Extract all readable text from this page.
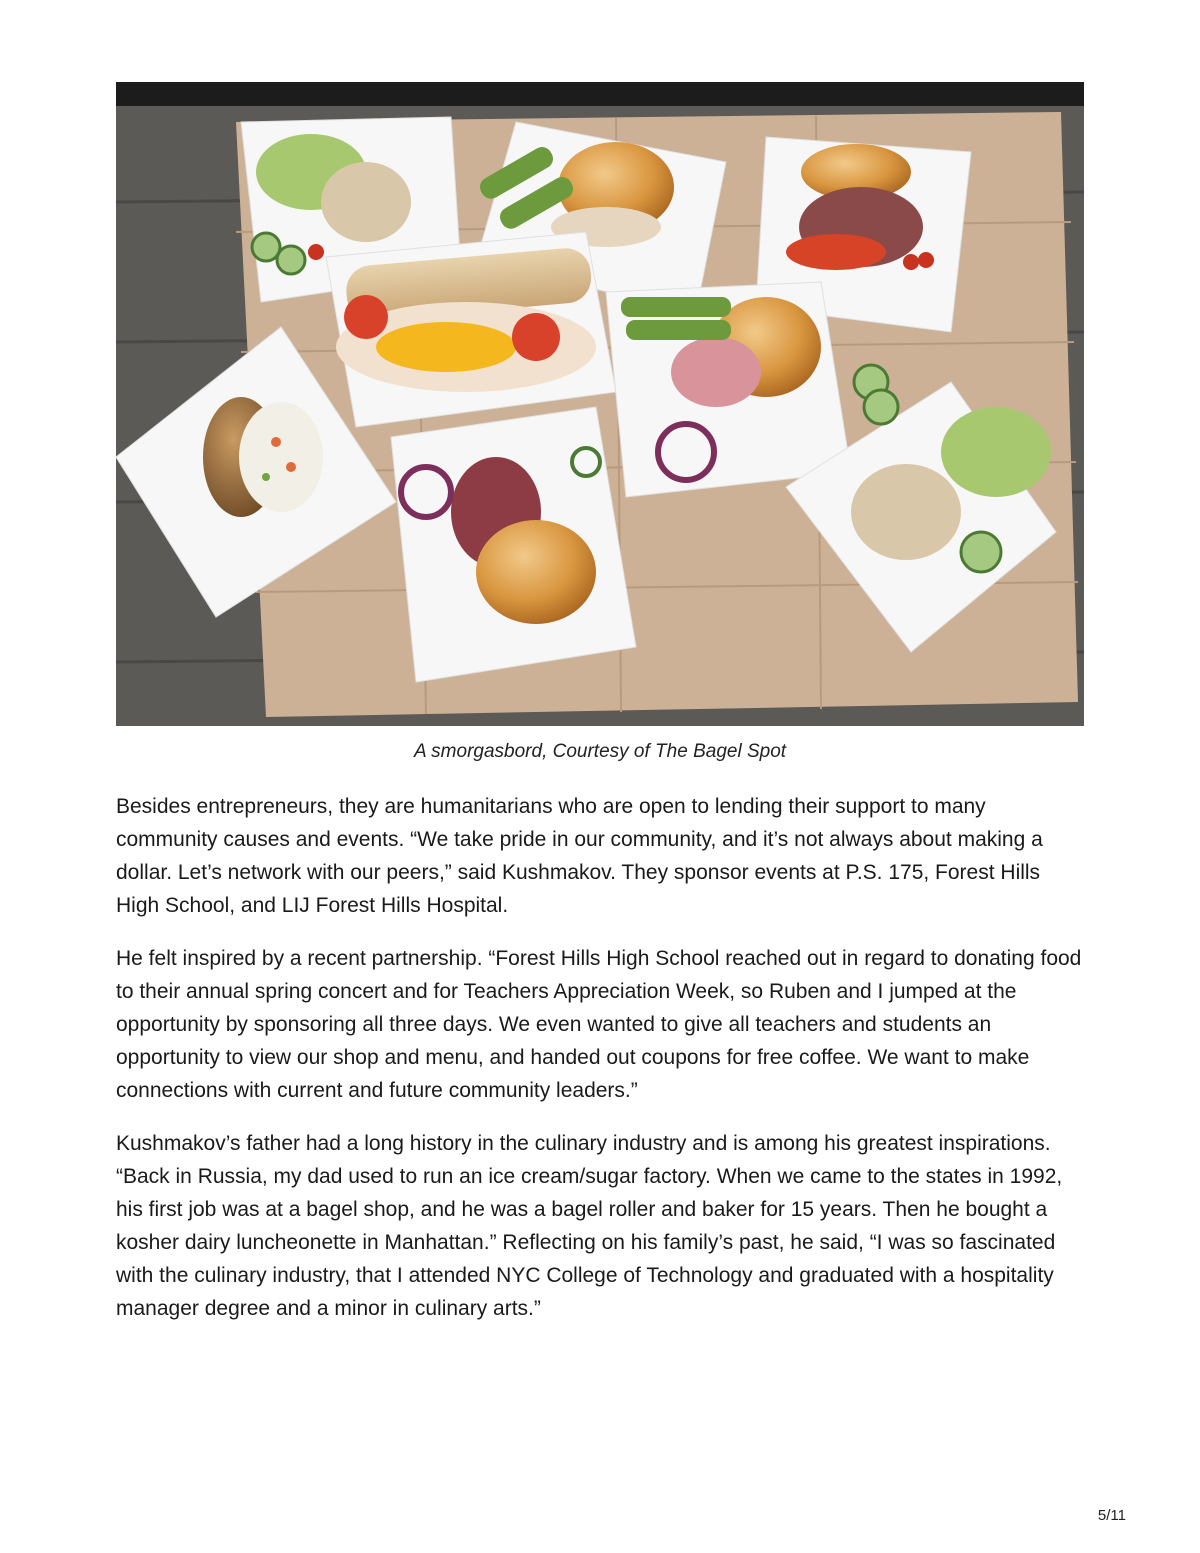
A smorgasbord, Courtesy of The Bagel Spot

Besides entrepreneurs, they are humanitarians who are open to lending their support to many community causes and events. “We take pride in our community, and it’s not always about making a dollar. Let’s network with our peers,” said Kushmakov. They sponsor events at P.S. 175, Forest Hills High School, and LIJ Forest Hills Hospital.

He felt inspired by a recent partnership. “Forest Hills High School reached out in regard to donating food to their annual spring concert and for Teachers Appreciation Week, so Ruben and I jumped at the opportunity by sponsoring all three days. We even wanted to give all teachers and students an opportunity to view our shop and menu, and handed out coupons for free coffee. We want to make connections with current and future community leaders.”

Kushmakov’s father had a long history in the culinary industry and is among his greatest inspirations. “Back in Russia, my dad used to run an ice cream/sugar factory. When we came to the states in 1992, his first job was at a bagel shop, and he was a bagel roller and baker for 15 years. Then he bought a kosher dairy luncheonette in Manhattan.” Reflecting on his family’s past, he said, “I was so fascinated with the culinary industry, that I attended NYC College of Technology and graduated with a hospitality manager degree and a minor in culinary arts.”

5/11
